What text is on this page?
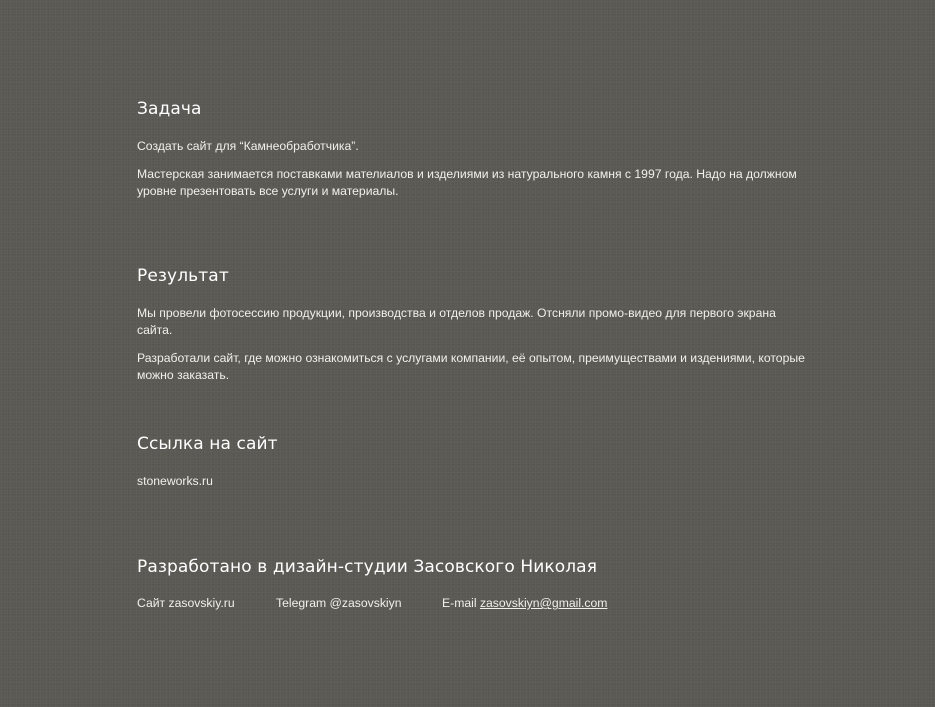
Задача

Создать сайт для “Камнеобработчика”.

Мастерская занимается поставками мателиалов и изделиями из натурального камня с 1997 года. Надо на должном уровне презентовать все услуги и материалы.

Результат

Мы провели фотосессию продукции, производства и отделов продаж. Отсняли промо-видео для первого экрана сайта.

Разработали сайт, где можно ознакомиться с услугами компании, её опытом, преимуществами и издениями, которые можно заказать.

Ссылка на сайт

stoneworks.ru

Разработано в дизайн-студии Засовского Николая
Сайт zasovskiy.ru	Telegram @zasovskiyn	E-mail zasovskiyn@gmail.com
